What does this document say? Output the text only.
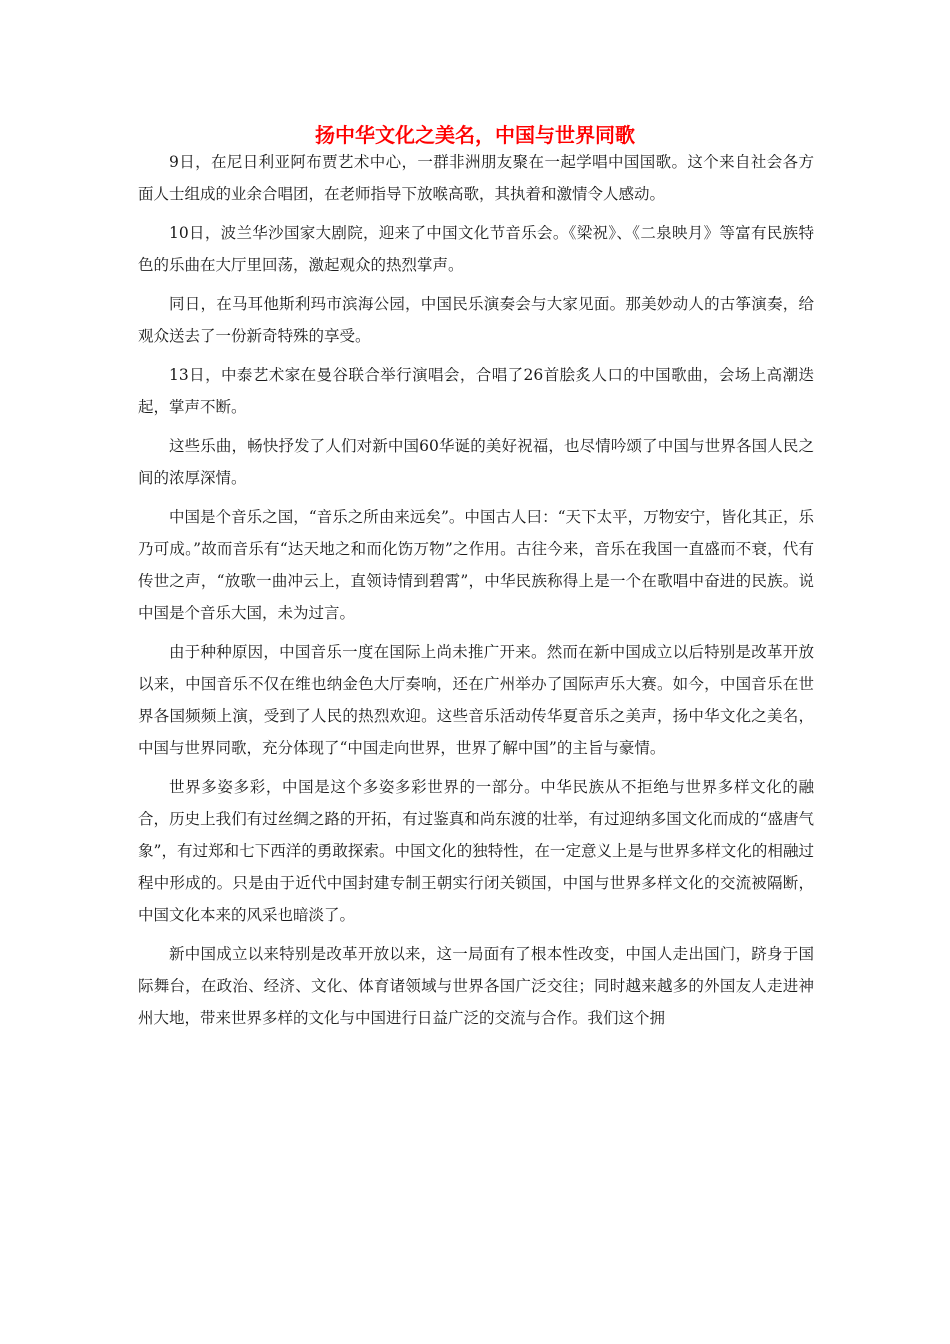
扬中华文化之美名，中国与世界同歌

9日，在尼日利亚阿布贾艺术中心，一群非洲朋友聚在一起学唱中国国歌。这个来自社会各方面人士组成的业余合唱团，在老师指导下放喉高歌，其执着和激情令人感动。

10日，波兰华沙国家大剧院，迎来了中国文化节音乐会。《梁祝》、《二泉映月》等富有民族特色的乐曲在大厅里回荡，激起观众的热烈掌声。

同日，在马耳他斯利玛市滨海公园，中国民乐演奏会与大家见面。那美妙动人的古筝演奏，给观众送去了一份新奇特殊的享受。

13日，中泰艺术家在曼谷联合举行演唱会，合唱了26首脍炙人口的中国歌曲，会场上高潮迭起，掌声不断。

这些乐曲，畅快抒发了人们对新中国60华诞的美好祝福，也尽情吟颂了中国与世界各国人民之间的浓厚深情。

中国是个音乐之国，“音乐之所由来远矣”。中国古人曰：“天下太平，万物安宁，皆化其正，乐乃可成。”故而音乐有“达天地之和而化饬万物”之作用。古往今来，音乐在我国一直盛而不衰，代有传世之声，“放歌一曲冲云上，直领诗情到碧霄”，中华民族称得上是一个在歌唱中奋进的民族。说中国是个音乐大国，未为过言。

由于种种原因，中国音乐一度在国际上尚未推广开来。然而在新中国成立以后特别是改革开放以来，中国音乐不仅在维也纳金色大厅奏响，还在广州举办了国际声乐大赛。如今，中国音乐在世界各国频频上演，受到了人民的热烈欢迎。这些音乐活动传华夏音乐之美声，扬中华文化之美名，中国与世界同歌，充分体现了“中国走向世界，世界了解中国”的主旨与豪情。

世界多姿多彩，中国是这个多姿多彩世界的一部分。中华民族从不拒绝与世界多样文化的融合，历史上我们有过丝绸之路的开拓，有过鉴真和尚东渡的壮举，有过迎纳多国文化而成的“盛唐气象”，有过郑和七下西洋的勇敢探索。中国文化的独特性，在一定意义上是与世界多样文化的相融过程中形成的。只是由于近代中国封建专制王朝实行闭关锁国，中国与世界多样文化的交流被隔断，中国文化本来的风采也暗淡了。

新中国成立以来特别是改革开放以来，这一局面有了根本性改变，中国人走出国门，跻身于国际舞台，在政治、经济、文化、体育诸领域与世界各国广泛交往；同时越来越多的外国友人走进神州大地，带来世界多样的文化与中国进行日益广泛的交流与合作。我们这个拥
